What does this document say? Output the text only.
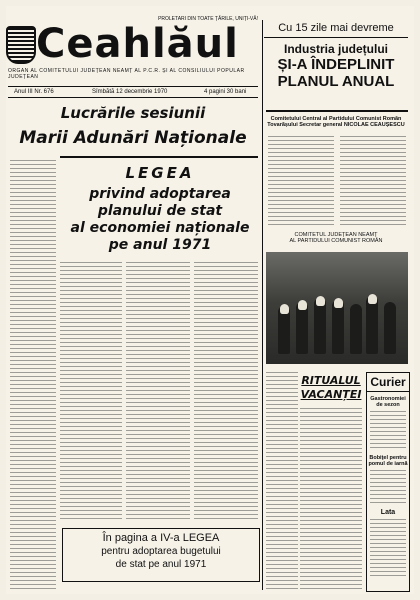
PROLETARI DIN TOATE ȚĂRILE, UNIȚI-VĂ!
Ceahlăul
ORGAN AL COMITETULUI JUDEȚEAN NEAMȚ AL P.C.R. ȘI AL CONSILIULUI POPULAR JUDEȚEAN
Anul III Nr. 676	Sîmbătă 12 decembrie 1970	4 pagini 30 bani
Cu 15 zile mai devreme
Industria județului
ȘI-A ÎNDEPLINIT
PLANUL ANUAL
Lucrările sesiunii
Marii Adunări Naționale
LEGEA
privind adoptarea
planului de stat
al economiei naționale
pe anul 1971
În pagina a IV-a LEGEA
pentru adoptarea bugetului
de stat pe anul 1971
Comitetului Central al Partidului Comunist Român
Tovarășului Secretar general NICOLAE CEAUȘESCU
COMITETUL JUDEȚEAN NEAMȚ
AL PARTIDULUI COMUNIST ROMÂN
RITUALUL
VACANȚEI
Curier
Gastronomiei de sezon
Bobiţel pentru pomul de iarnă
Lata
